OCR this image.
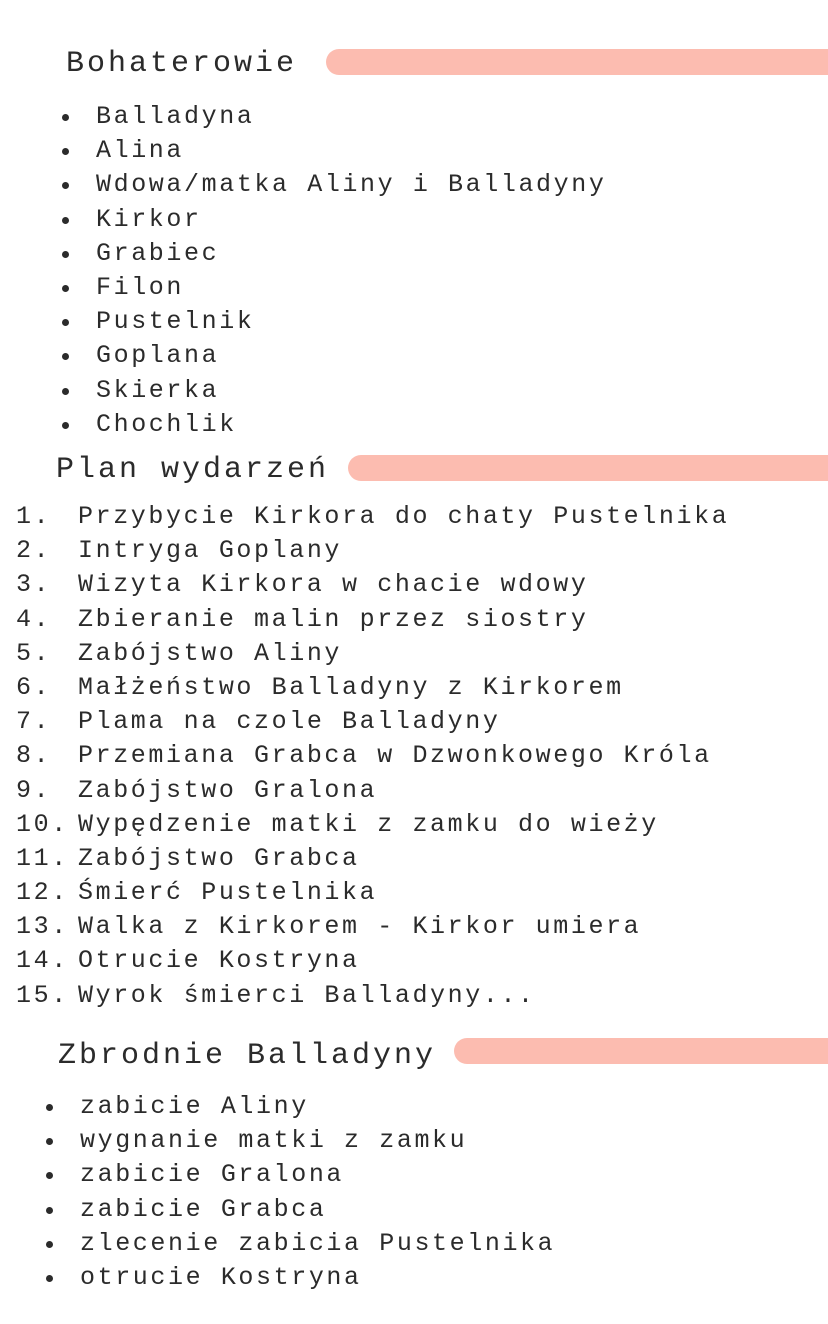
Bohaterowie
Balladyna
Alina
Wdowa/matka Aliny i Balladyny
Kirkor
Grabiec
Filon
Pustelnik
Goplana
Skierka
Chochlik
Plan wydarzeń
1. Przybycie Kirkora do chaty Pustelnika
2. Intryga Goplany
3. Wizyta Kirkora w chacie wdowy
4. Zbieranie malin przez siostry
5. Zabójstwo Aliny
6. Małżeństwo Balladyny z Kirkorem
7. Plama na czole Balladyny
8. Przemiana Grabca w Dzwonkowego Króla
9. Zabójstwo Gralona
10. Wypędzenie matki z zamku do wieży
11. Zabójstwo Grabca
12. Śmierć Pustelnika
13. Walka z Kirkorem - Kirkor umiera
14. Otrucie Kostryna
15. Wyrok śmierci Balladyny...
Zbrodnie Balladyny
zabicie Aliny
wygnanie matki z zamku
zabicie Gralona
zabicie Grabca
zlecenie zabicia Pustelnika
otrucie Kostryna
